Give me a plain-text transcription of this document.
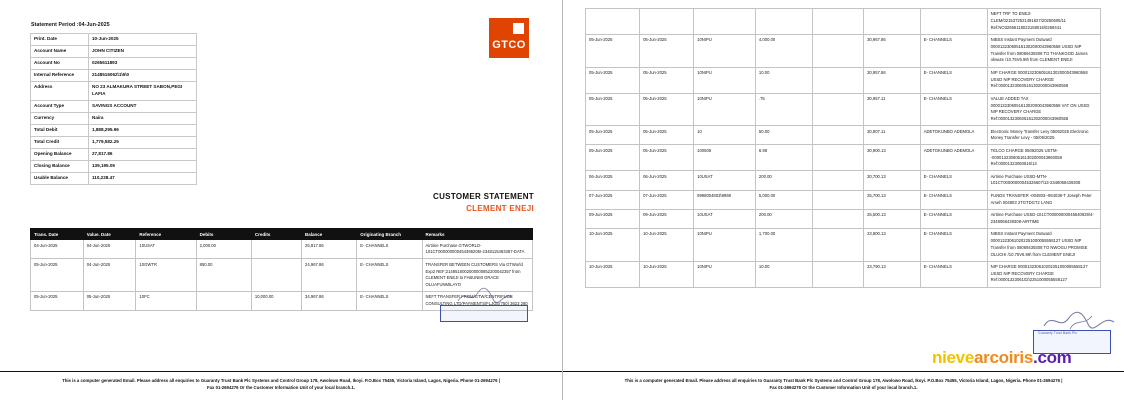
Statement Period :04-Jun-2025
Print. Date	10-Jun-2025
Account Name	JOHN CITIZEN
Account No	0265611893
Internal Reference	2148516062\1\5\0
Address	NO 23 ALMAKURA STREET SABON,PEGI LAFIA
Account Type	SAVINGS ACCOUNT
Currency	Naira
Total Debit	1,888,295.96
Total Credit	1,779,582.25
Opening Balance	27,817.86
Closing Balance	139,195.05
Usable Balance	110,228.47
GTCO
CUSTOMER STATEMENT
CLEMENT ENEJI
Trans. Date	Value. Date	Reference	Debits	Credits	Balance	Originating Branch	Remarks
04-Jun-2025	04-Jun-2025	10USAT	2,000.00		25,817.86	E- CHANNELS	Airtime Purchase GTWORLD-101CT000000000454396205I-2348115493387-DATA
05-Jun-2025	04-Jun-2025	10GWTR	850.00		24,967.86	E- CHANNELS	TRANSFER BETWEEN CUSTOMERS Via GTWorld Exp2 REF:2148516002000000852200042357 from CLEMENT ENEJI to FABUNMI GRACE OLUAFUNMILAYO
05-Jun-2025	05-Jun-2025	10FC		10,000.00	34,967.86	E- CHANNELS	NEFT TRANSFER FROM/GTW/CENTRIFUGE CONSULTING LTD/PAYMENTS/FLJGE(750) 3623 280
This is a computer generated Email. Please address all enquiries to Guaranty Trust Bank Plc Systems and Control Group 178, Awolowo Road, Ikoyi. P.O.Box 75455, Victoria Island, Lagos, Nigeria. Phone 01-2694276 |
Fax 01-2694276 Or the Customer Information Unit of your local branch.1.
							NEFT TRF TO ENEJI CLEM/0215372521491627/20250605/11 Ref:NO32656118022158016\0269441
05-Jun-2025	05-Jun-2025	10NIPU	4,000.00		30,967.86	E- CHANNELS	NIBSS Instant Payment Outward 000013230605161302000043960558 USSD NIP Transfer from 08069439308 TO THANKGOD James okwute /10.75V6.98\ from CLEMENT ENEJI
05-Jun-2025	05-Jun-2025	10NIPU	10.00		30,957.86	E- CHANNELS	NIP CHARGE 000013230605161302000043960558 USSD NIP RECOVERY CHARGE Ref:000013230605161302000043960558
05-Jun-2025	05-Jun-2025	10NIPU	.75		30,957.11	E- CHANNELS	VALUE ADDED TAX 000013230605161302000043960558 VAT ON USSD NIP RECOVERY CHARGE Ref:000013230605161302000043960558
05-Jun-2025	05-Jun-2025	10	50.00		30,907.11	ADETOKUNBO ADEMOLA	Electronic Money Transfer Levy 05062025 Electronic Money Transfer Levy - 05/06/2025
05-Jun-2025	05-Jun-2025	100506	6.98		30,900.13	ADETOKUNBO ADEMOLA	TELCO CHARGE 05062025 USTM--000013230605161302000043960058 Ref:00001323060516\13
06-Jun-2025	06-Jun-2025	10USAT	200.00		30,700.13	E- CHANNELS	Airtime Purchase USSD-MTN-101CT00000000045326607\13-2348068439308
07-Jun-2025	07-Jun-2025	9998004803\9998	5,000.00		25,700.13	E- CHANNELS	FUNDS TRANSFER -004803--954038-T Joseph Peter Ameh 004803 2TGTDGT2 LANG
09-Jun-2025	09-Jun-2025	10USAT	200.00		25,500.13	E- CHANNELS	Airtime Purchase USSD-101CT00000000045540929\4-2348068439308-AIRTIME
10-Jun-2025	10-Jun-2025	10NIPU	1,700.00		23,800.13	E- CHANNELS	NIBSS Instant Payment Outward 000013230610202251000055558127 USSD NIP Transfer from 08069439308 TO NWOGU PROMISE OLUCHI /10.75V6.98\ from CLEMENT ENEJI
10-Jun-2025	10-Jun-2025	10NIPU	10.00		23,790.13	E- CHANNELS	NIP CHARGE 000013230610202251000055558127 USSD NIP RECOVERY CHARGE Ref:0000132306102\2251000055558127
This is a computer generated Email. Please address all enquiries to Guaranty Trust Bank Plc Systems and Control Group 178, Awolowo Road, Ikoyi. P.O.Box 75455, Victoria Island, Lagos, Nigeria. Phone 01-2694276 |
Fax 01-2694276 Or the Customer Information Unit of your local branch.1.
Guaranty Trust Bank Plc
nievearcoiris.com
